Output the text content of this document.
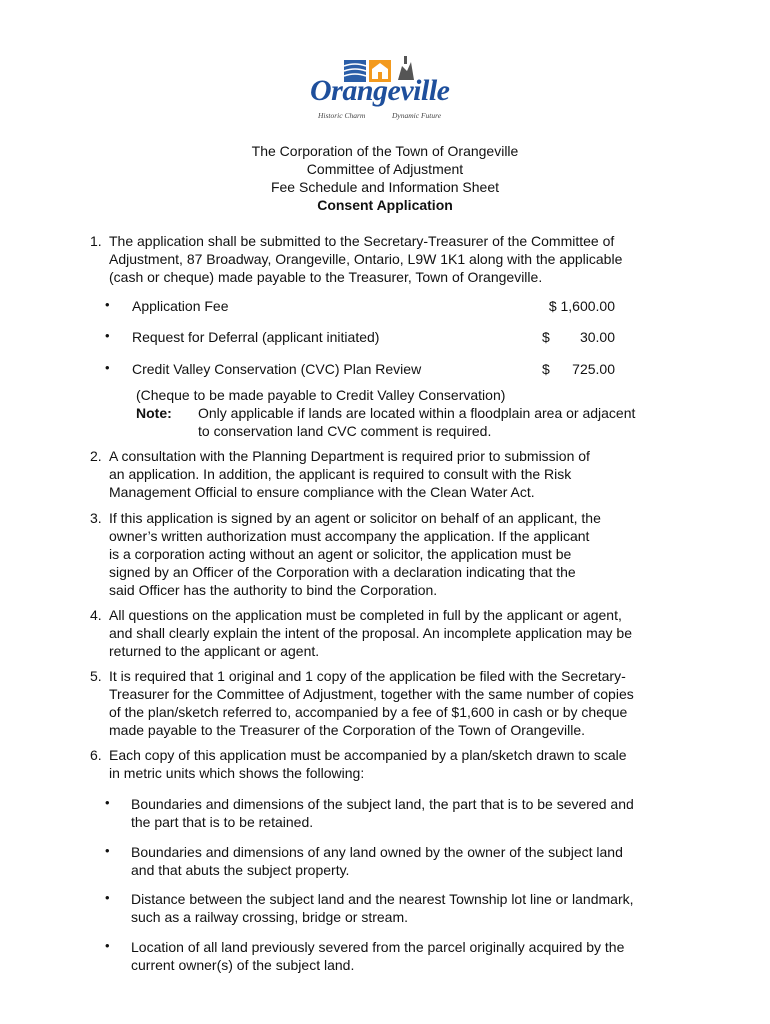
Orangeville
Historic Charm	Dynamic Future
The Corporation of the Town of Orangeville
Committee of Adjustment
Fee Schedule and Information Sheet
Consent Application
1. The application shall be submitted to the Secretary-Treasurer of the Committee of
Adjustment, 87 Broadway, Orangeville, Ontario, L9W 1K1 along with the applicable
(cash or cheque) made payable to the Treasurer, Town of Orangeville.
• Application Fee	$ 1,600.00
• Request for Deferral (applicant initiated)	$ 30.00
• Credit Valley Conservation (CVC) Plan Review	$ 725.00
(Cheque to be made payable to Credit Valley Conservation)
Note: Only applicable if lands are located within a floodplain area or adjacent
to conservation land CVC comment is required.
2. A consultation with the Planning Department is required prior to submission of
an application. In addition, the applicant is required to consult with the Risk
Management Official to ensure compliance with the Clean Water Act.
3. If this application is signed by an agent or solicitor on behalf of an applicant, the
owner’s written authorization must accompany the application. If the applicant
is a corporation acting without an agent or solicitor, the application must be
signed by an Officer of the Corporation with a declaration indicating that the
said Officer has the authority to bind the Corporation.
4. All questions on the application must be completed in full by the applicant or agent,
and shall clearly explain the intent of the proposal. An incomplete application may be
returned to the applicant or agent.
5. It is required that 1 original and 1 copy of the application be filed with the Secretary-
Treasurer for the Committee of Adjustment, together with the same number of copies
of the plan/sketch referred to, accompanied by a fee of $1,600 in cash or by cheque
made payable to the Treasurer of the Corporation of the Town of Orangeville.
6. Each copy of this application must be accompanied by a plan/sketch drawn to scale
in metric units which shows the following:
• Boundaries and dimensions of the subject land, the part that is to be severed and
the part that is to be retained.
• Boundaries and dimensions of any land owned by the owner of the subject land
and that abuts the subject property.
• Distance between the subject land and the nearest Township lot line or landmark,
such as a railway crossing, bridge or stream.
• Location of all land previously severed from the parcel originally acquired by the
current owner(s) of the subject land.
